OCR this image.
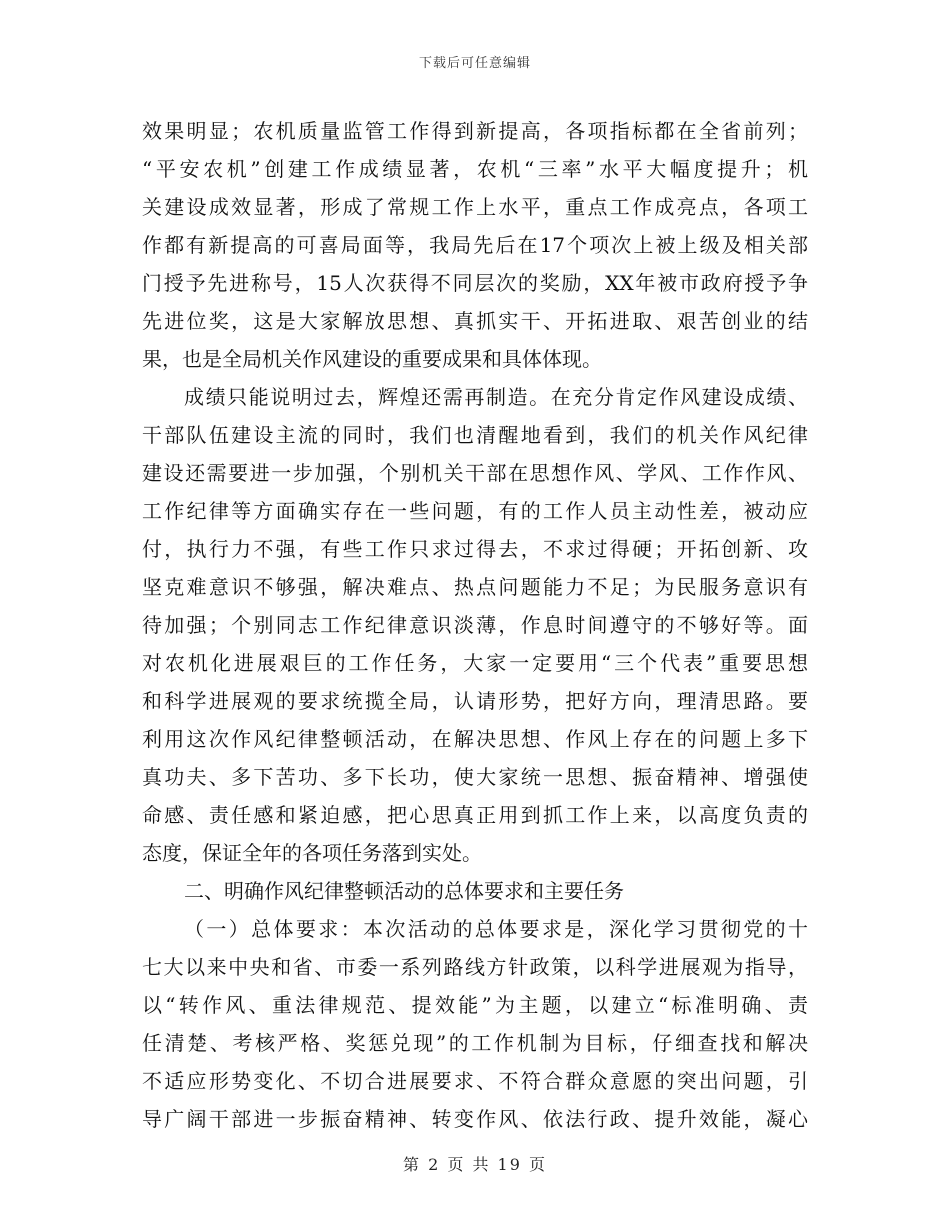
下载后可任意编辑
效果明显；农机质量监管工作得到新提高，各项指标都在全省前列；
“平安农机”创建工作成绩显著，农机“三率”水平大幅度提升；机
关建设成效显著，形成了常规工作上水平，重点工作成亮点，各项工
作都有新提高的可喜局面等，我局先后在17个项次上被上级及相关部
门授予先进称号，15人次获得不同层次的奖励，XX年被市政府授予争
先进位奖，这是大家解放思想、真抓实干、开拓进取、艰苦创业的结
果，也是全局机关作风建设的重要成果和具体体现。
成绩只能说明过去，辉煌还需再制造。在充分肯定作风建设成绩、
干部队伍建设主流的同时，我们也清醒地看到，我们的机关作风纪律
建设还需要进一步加强，个别机关干部在思想作风、学风、工作作风、
工作纪律等方面确实存在一些问题，有的工作人员主动性差，被动应
付，执行力不强，有些工作只求过得去，不求过得硬；开拓创新、攻
坚克难意识不够强，解决难点、热点问题能力不足；为民服务意识有
待加强；个别同志工作纪律意识淡薄，作息时间遵守的不够好等。面
对农机化进展艰巨的工作任务，大家一定要用“三个代表”重要思想
和科学进展观的要求统揽全局，认请形势，把好方向，理清思路。要
利用这次作风纪律整顿活动，在解决思想、作风上存在的问题上多下
真功夫、多下苦功、多下长功，使大家统一思想、振奋精神、增强使
命感、责任感和紧迫感，把心思真正用到抓工作上来，以高度负责的
态度，保证全年的各项任务落到实处。
二、明确作风纪律整顿活动的总体要求和主要任务
（一）总体要求：本次活动的总体要求是，深化学习贯彻党的十
七大以来中央和省、市委一系列路线方针政策，以科学进展观为指导，
以“转作风、重法律规范、提效能”为主题，以建立“标准明确、责
任清楚、考核严格、奖惩兑现”的工作机制为目标，仔细查找和解决
不适应形势变化、不切合进展要求、不符合群众意愿的突出问题，引
导广阔干部进一步振奋精神、转变作风、依法行政、提升效能，凝心
第 2 页 共 19 页
